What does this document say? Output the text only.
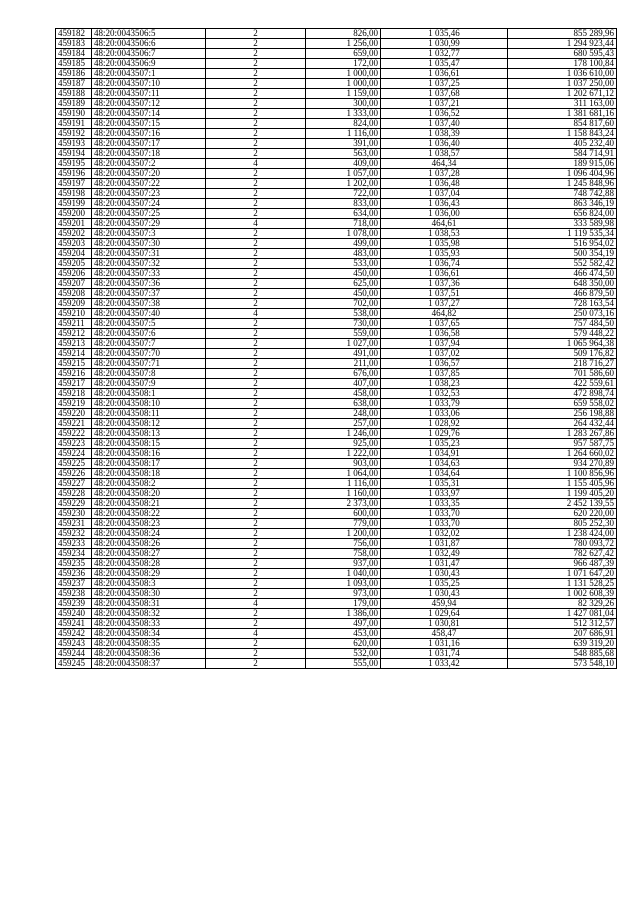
459182	48:20:0043506:5	2	826,00	1 035,46	855 289,96
459183	48:20:0043506:6	2	1 256,00	1 030,99	1 294 923,44
459184	48:20:0043506:7	2	659,00	1 032,77	680 595,43
459185	48:20:0043506:9	2	172,00	1 035,47	178 100,84
459186	48:20:0043507:1	2	1 000,00	1 036,61	1 036 610,00
459187	48:20:0043507:10	2	1 000,00	1 037,25	1 037 250,00
459188	48:20:0043507:11	2	1 159,00	1 037,68	1 202 671,12
459189	48:20:0043507:12	2	300,00	1 037,21	311 163,00
459190	48:20:0043507:14	2	1 333,00	1 036,52	1 381 681,16
459191	48:20:0043507:15	2	824,00	1 037,40	854 817,60
459192	48:20:0043507:16	2	1 116,00	1 038,39	1 158 843,24
459193	48:20:0043507:17	2	391,00	1 036,40	405 232,40
459194	48:20:0043507:18	2	563,00	1 038,57	584 714,91
459195	48:20:0043507:2	4	409,00	464,34	189 915,06
459196	48:20:0043507:20	2	1 057,00	1 037,28	1 096 404,96
459197	48:20:0043507:22	2	1 202,00	1 036,48	1 245 848,96
459198	48:20:0043507:23	2	722,00	1 037,04	748 742,88
459199	48:20:0043507:24	2	833,00	1 036,43	863 346,19
459200	48:20:0043507:25	2	634,00	1 036,00	656 824,00
459201	48:20:0043507:29	4	718,00	464,61	333 589,98
459202	48:20:0043507:3	2	1 078,00	1 038,53	1 119 535,34
459203	48:20:0043507:30	2	499,00	1 035,98	516 954,02
459204	48:20:0043507:31	2	483,00	1 035,93	500 354,19
459205	48:20:0043507:32	2	533,00	1 036,74	552 582,42
459206	48:20:0043507:33	2	450,00	1 036,61	466 474,50
459207	48:20:0043507:36	2	625,00	1 037,36	648 350,00
459208	48:20:0043507:37	2	450,00	1 037,51	466 879,50
459209	48:20:0043507:38	2	702,00	1 037,27	728 163,54
459210	48:20:0043507:40	4	538,00	464,82	250 073,16
459211	48:20:0043507:5	2	730,00	1 037,65	757 484,50
459212	48:20:0043507:6	2	559,00	1 036,58	579 448,22
459213	48:20:0043507:7	2	1 027,00	1 037,94	1 065 964,38
459214	48:20:0043507:70	2	491,00	1 037,02	509 176,82
459215	48:20:0043507:71	2	211,00	1 036,57	218 716,27
459216	48:20:0043507:8	2	676,00	1 037,85	701 586,60
459217	48:20:0043507:9	2	407,00	1 038,23	422 559,61
459218	48:20:0043508:1	2	458,00	1 032,53	472 898,74
459219	48:20:0043508:10	2	638,00	1 033,79	659 558,02
459220	48:20:0043508:11	2	248,00	1 033,06	256 198,88
459221	48:20:0043508:12	2	257,00	1 028,92	264 432,44
459222	48:20:0043508:13	2	1 246,00	1 029,76	1 283 267,86
459223	48:20:0043508:15	2	925,00	1 035,23	957 587,75
459224	48:20:0043508:16	2	1 222,00	1 034,91	1 264 660,02
459225	48:20:0043508:17	2	903,00	1 034,63	934 270,89
459226	48:20:0043508:18	2	1 064,00	1 034,64	1 100 856,96
459227	48:20:0043508:2	2	1 116,00	1 035,31	1 155 405,96
459228	48:20:0043508:20	2	1 160,00	1 033,97	1 199 405,20
459229	48:20:0043508:21	2	2 373,00	1 033,35	2 452 139,55
459230	48:20:0043508:22	2	600,00	1 033,70	620 220,00
459231	48:20:0043508:23	2	779,00	1 033,70	805 252,30
459232	48:20:0043508:24	2	1 200,00	1 032,02	1 238 424,00
459233	48:20:0043508:26	2	756,00	1 031,87	780 093,72
459234	48:20:0043508:27	2	758,00	1 032,49	782 627,42
459235	48:20:0043508:28	2	937,00	1 031,47	966 487,39
459236	48:20:0043508:29	2	1 040,00	1 030,43	1 071 647,20
459237	48:20:0043508:3	2	1 093,00	1 035,25	1 131 528,25
459238	48:20:0043508:30	2	973,00	1 030,43	1 002 608,39
459239	48:20:0043508:31	4	179,00	459,94	82 329,26
459240	48:20:0043508:32	2	1 386,00	1 029,64	1 427 081,04
459241	48:20:0043508:33	2	497,00	1 030,81	512 312,57
459242	48:20:0043508:34	4	453,00	458,47	207 686,91
459243	48:20:0043508:35	2	620,00	1 031,16	639 319,20
459244	48:20:0043508:36	2	532,00	1 031,74	548 885,68
459245	48:20:0043508:37	2	555,00	1 033,42	573 548,10
